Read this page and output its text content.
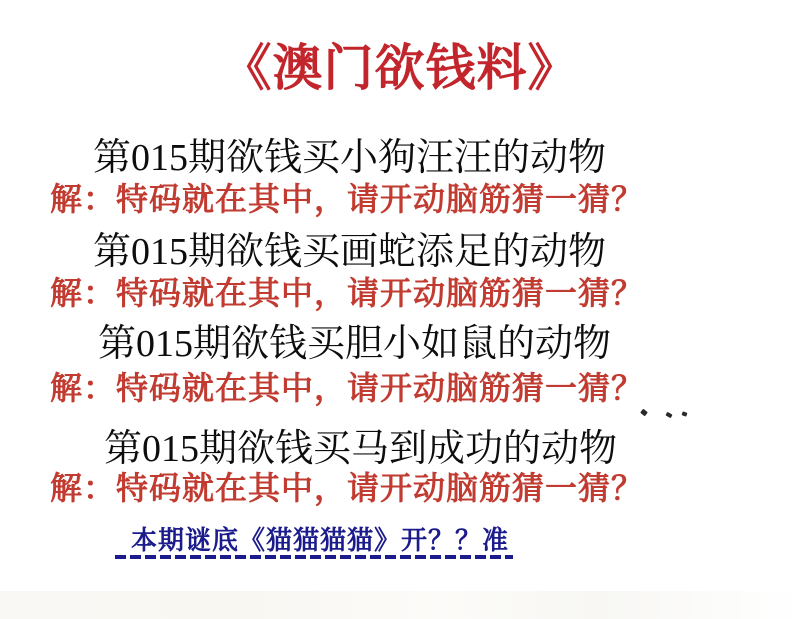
《澳门欲钱料》
第015期欲钱买小狗汪汪的动物
解：特码就在其中，请开动脑筋猜一猜？
第015期欲钱买画蛇添足的动物
解：特码就在其中，请开动脑筋猜一猜？
第015期欲钱买胆小如鼠的动物
解：特码就在其中，请开动脑筋猜一猜？
第015期欲钱买马到成功的动物
解：特码就在其中，请开动脑筋猜一猜？
本期谜底《猫猫猫猫》开？？准
